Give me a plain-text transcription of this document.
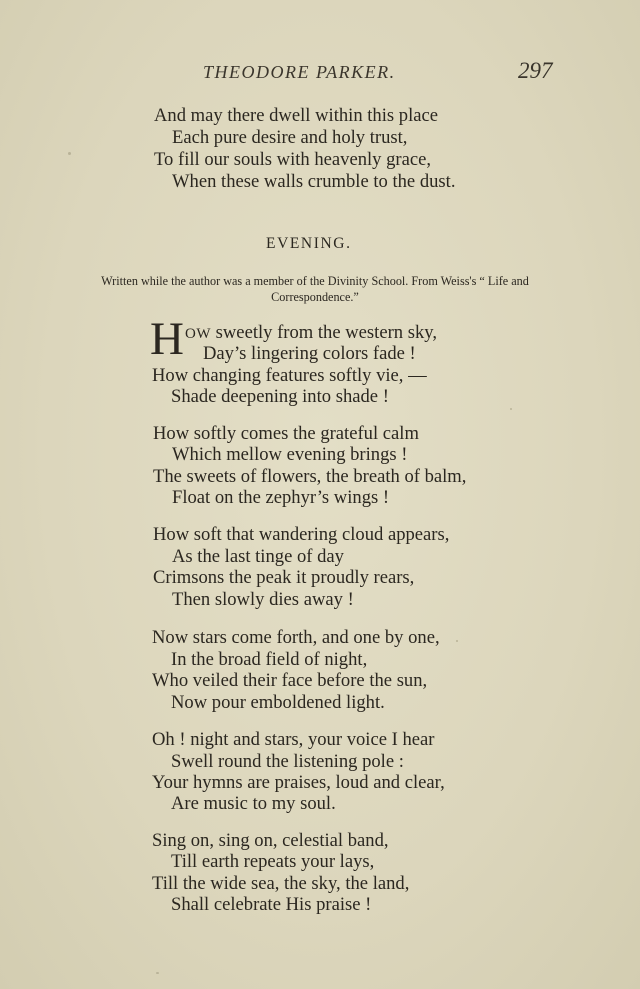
THEODORE PARKER.	297
And may there dwell within this place
Each pure desire and holy trust,
To fill our souls with heavenly grace,
When these walls crumble to the dust.
EVENING.
Written while the author was a member of the Divinity School. From Weiss's “ Life and Correspondence.”
H OW sweetly from the western sky,
Day’s lingering colors fade !
How changing features softly vie, —
Shade deepening into shade !
How softly comes the grateful calm
Which mellow evening brings !
The sweets of flowers, the breath of balm,
Float on the zephyr’s wings !
How soft that wandering cloud appears,
As the last tinge of day
Crimsons the peak it proudly rears,
Then slowly dies away !
Now stars come forth, and one by one,
In the broad field of night,
Who veiled their face before the sun,
Now pour emboldened light.
Oh ! night and stars, your voice I hear
Swell round the listening pole :
Your hymns are praises, loud and clear,
Are music to my soul.
Sing on, sing on, celestial band,
Till earth repeats your lays,
Till the wide sea, the sky, the land,
Shall celebrate His praise !
